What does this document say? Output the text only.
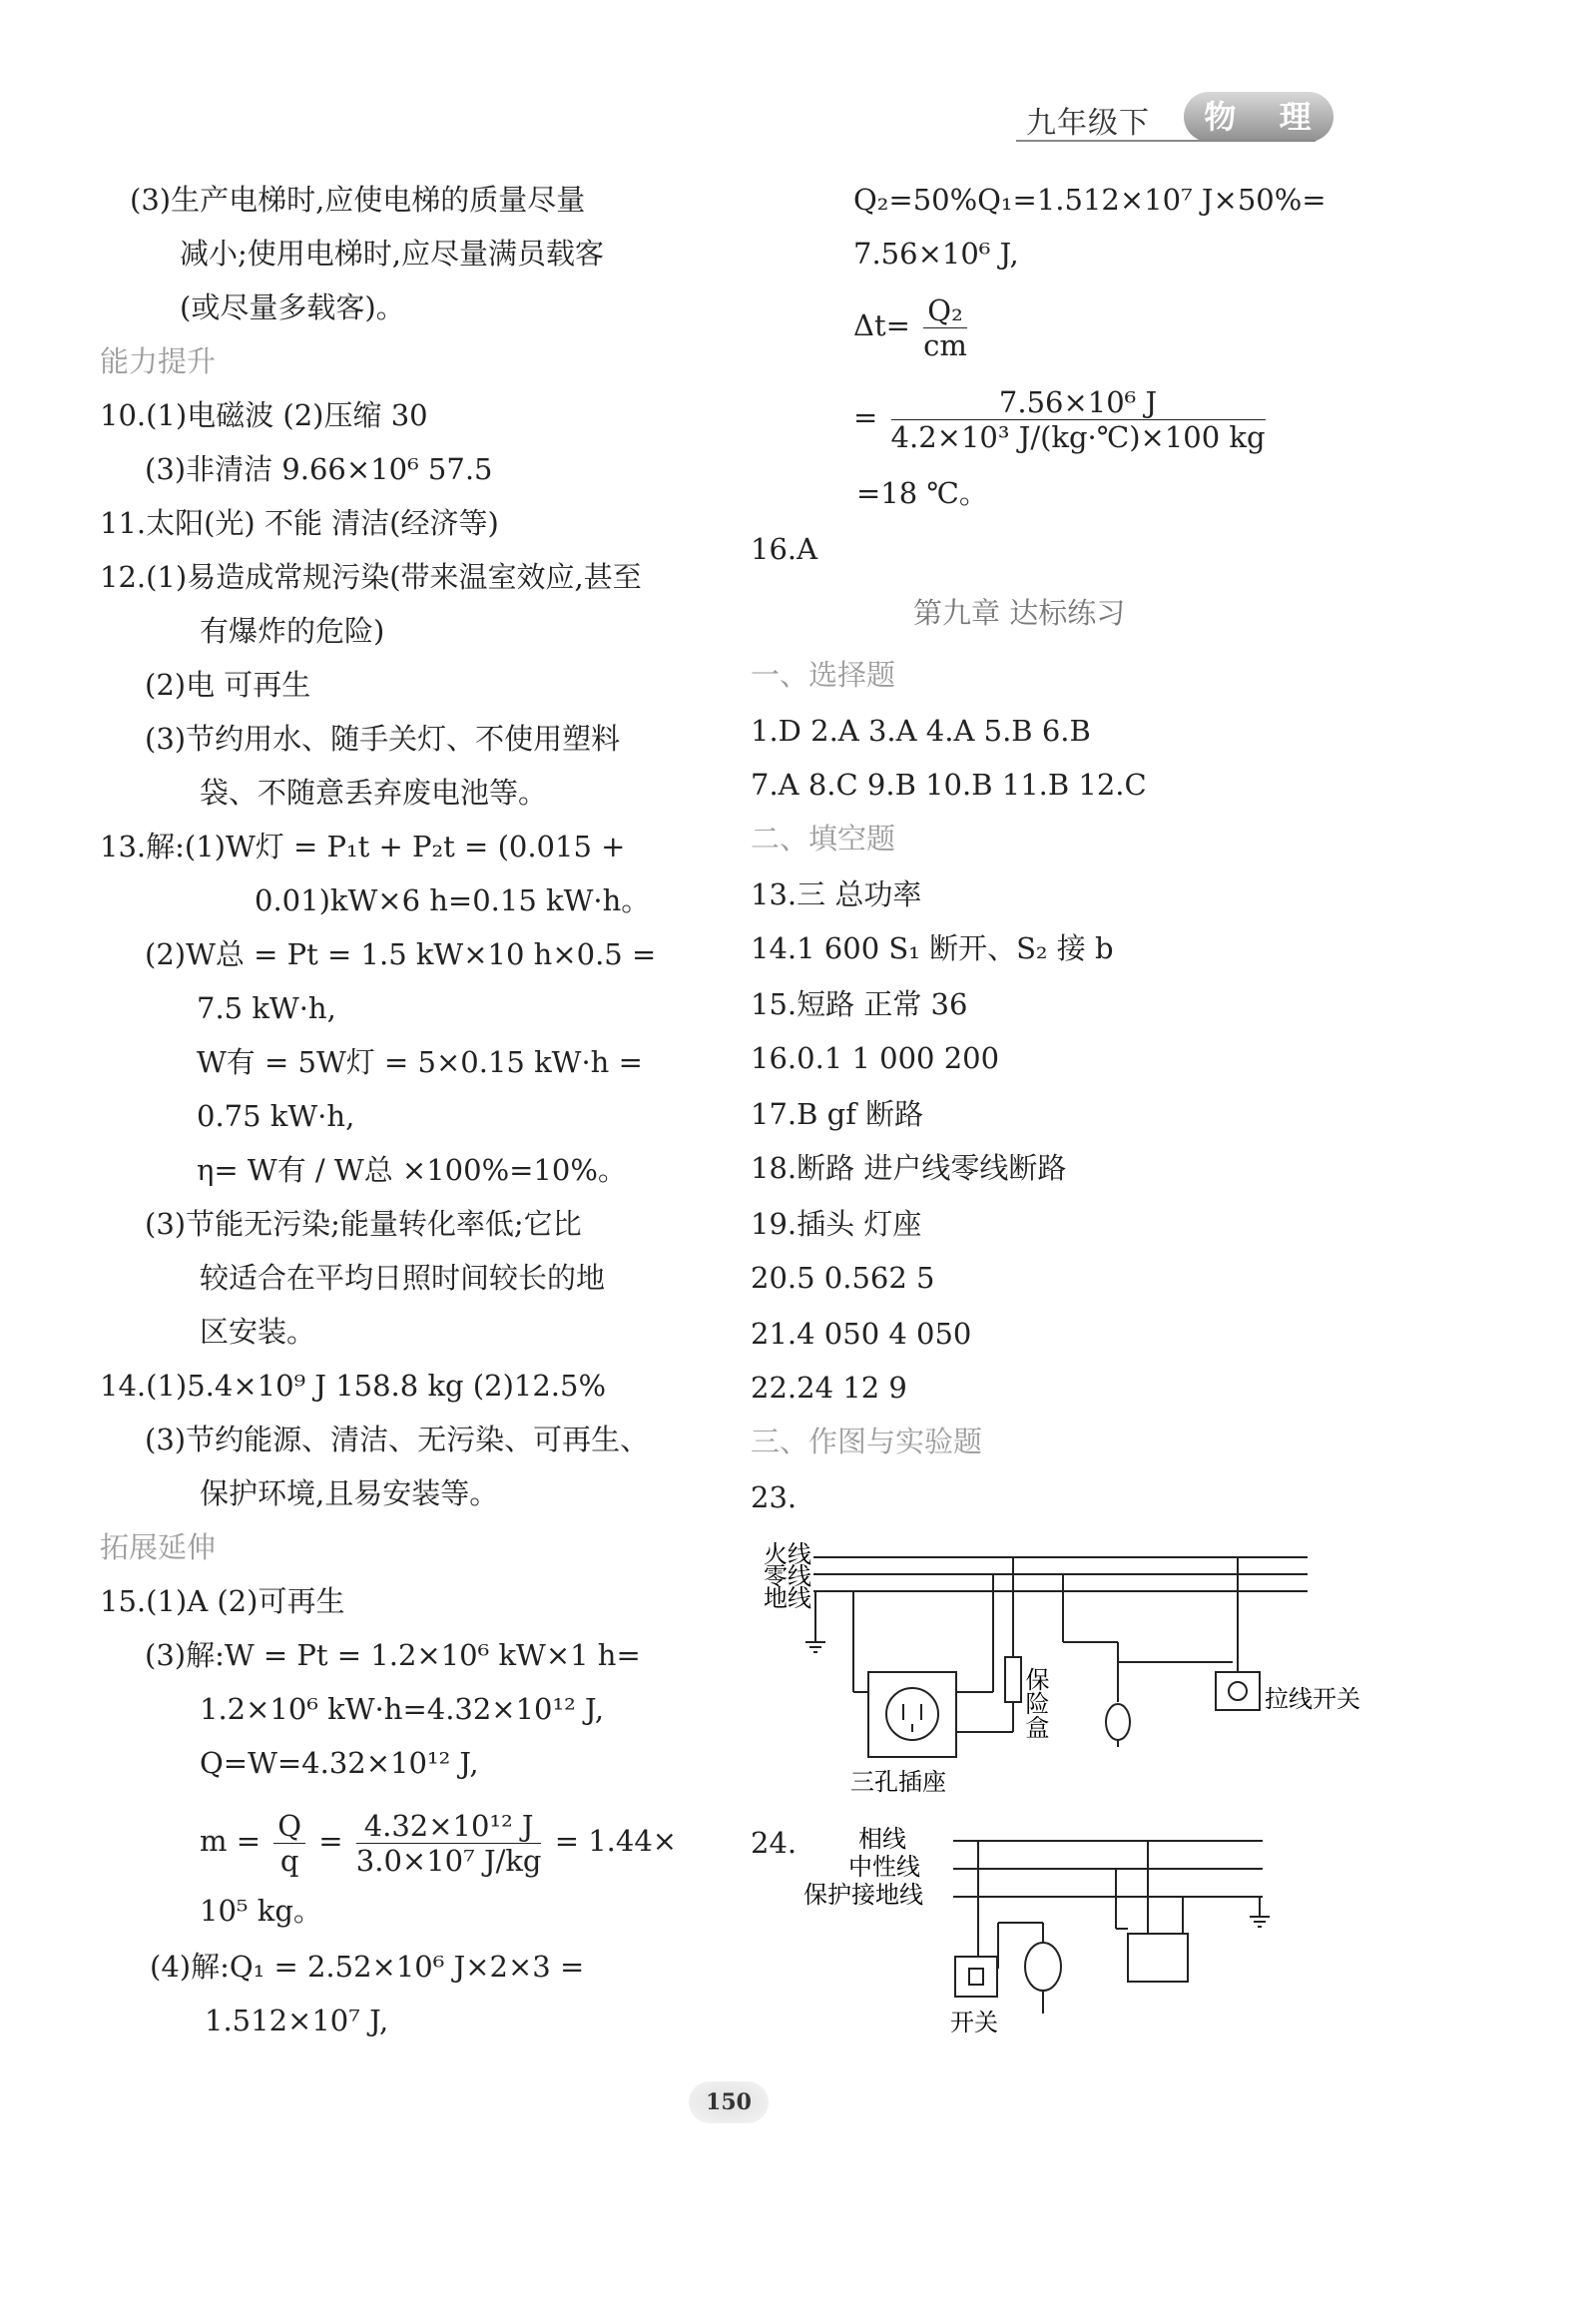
九年级下	物 理
(3)生产电梯时,应使电梯的质量尽量
减小;使用电梯时,应尽量满员载客
(或尽量多载客)。
能力提升
10.(1)电磁波 (2)压缩 30
(3)非清洁 9.66×10⁶ 57.5
11.太阳(光) 不能 清洁(经济等)
12.(1)易造成常规污染(带来温室效应,甚至
有爆炸的危险)
(2)电 可再生
(3)节约用水、随手关灯、不使用塑料
袋、不随意丢弃废电池等。
13.解:(1)W灯 = P₁t + P₂t = (0.015 +
0.01)kW×6 h=0.15 kW·h。
(2)W总 = Pt = 1.5 kW×10 h×0.5 =
7.5 kW·h,
W有 = 5W灯 = 5×0.15 kW·h =
0.75 kW·h,
η= W有 / W总 ×100%=10%。
(3)节能无污染;能量转化率低;它比
较适合在平均日照时间较长的地
区安装。
14.(1)5.4×10⁹ J 158.8 kg (2)12.5%
(3)节约能源、清洁、无污染、可再生、
保护环境,且易安装等。
拓展延伸
15.(1)A (2)可再生
(3)解:W = Pt = 1.2×10⁶ kW×1 h=
1.2×10⁶ kW·h=4.32×10¹² J,
Q=W=4.32×10¹² J,
$m = \frac{Q}{q} = \frac{\text{4.32×10¹² J}}{\text{3.0×10⁷ J/kg}} = 1.44\times$
10⁵ kg。
(4)解:Q₁ = 2.52×10⁶ J×2×3 =
1.512×10⁷ J,
Q₂=50%Q₁=1.512×10⁷ J×50%=
7.56×10⁶ J,
$\Delta t= \frac{\text{Q₂}}{cm}$
= $\frac{\text{7.56×10⁶ J}}{\text{4.2×10³ J/(kg·℃)×100 kg}}$
=18 ℃。
16.A
第九章 达标练习
一、选择题
1.D 2.A 3.A 4.A 5.B 6.B
7.A 8.C 9.B 10.B 11.B 12.C
二、填空题
13.三 总功率
14.1 600 S₁ 断开、S₂ 接 b
15.短路 正常 36
16.0.1 1 000 200
17.B gf 断路
18.断路 进户线零线断路
19.插头 灯座
20.5 0.562 5
21.4 050 4 050
22.24 12 9
三、作图与实验题
23.
24.
火线
零线
地线
保险盒	拉线开关
三孔插座
相线
中性线
保护接地线
开关
150
